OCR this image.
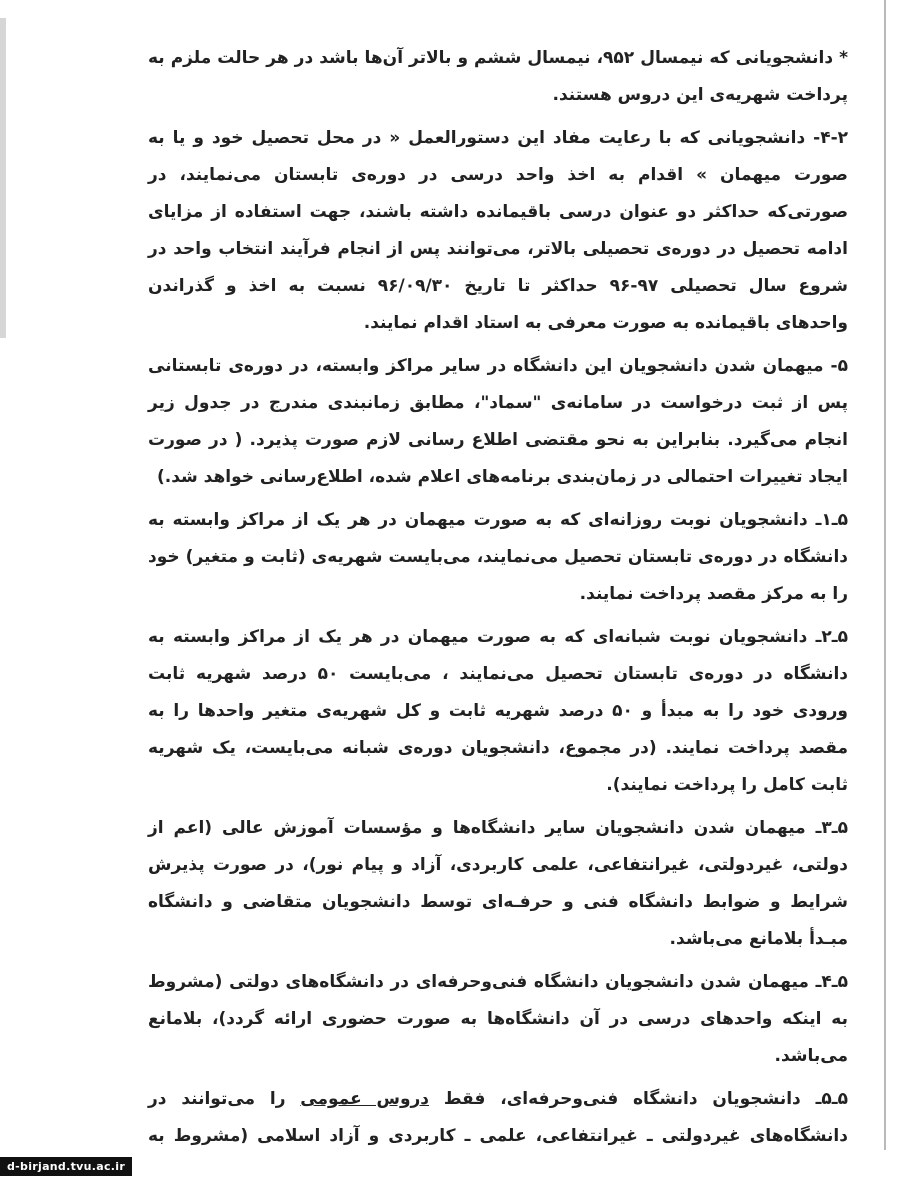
* دانشجویانی که نیمسال ۹۵۲، نیمسال ششم و بالاتر آن‌ها باشد در هر حالت ملزم به پرداخت شهریه‌ی این دروس هستند.

۴-۲- دانشجویانی که با رعایت مفاد این دستورالعمل « در محل تحصیل خود و یا به صورت میهمان » اقدام به اخذ واحد درسی در دوره‌ی تابستان می‌نمایند، در صورتی‌که حداکثر دو عنوان درسی باقیمانده داشته باشند، جهت استفاده از مزایای ادامه تحصیل در دوره‌ی تحصیلی بالاتر، می‌توانند پس از انجام فرآیند انتخاب واحد در شروع سال تحصیلی ۹۷-۹۶ حداکثر تا تاریخ ۹۶/۰۹/۳۰ نسبت به اخذ و گذراندن واحدهای باقیمانده به صورت معرفی به استاد اقدام نمایند.

۵- میهمان شدن دانشجویان این دانشگاه در سایر مراکز وابسته، در دوره‌ی تابستانی پس از ثبت درخواست در سامانه‌ی "سماد"، مطابق زمانبندی مندرج در جدول زیر انجام می‌گیرد. بنابراین به نحو مقتضی اطلاع رسانی لازم صورت پذیرد. ( در صورت ایجاد تغییرات احتمالی در زمان‌بندی برنامه‌های اعلام شده، اطلاع‌رسانی خواهد شد.)

۵ـ۱ـ دانشجویان نوبت روزانه‌ای که به صورت میهمان در هر یک از مراکز وابسته به دانشگاه در دوره‌ی تابستان تحصیل می‌نمایند، می‌بایست شهریه‌ی (ثابت و متغیر) خود را به مرکز مقصد پرداخت نمایند.

۵ـ۲ـ دانشجویان نوبت شبانه‌ای که به صورت میهمان در هر یک از مراکز وابسته به دانشگاه در دوره‌ی تابستان تحصیل می‌نمایند ، می‌بایست ۵۰ درصد شهریه ثابت ورودی خود را به مبدأ و ۵۰ درصد شهریه ثابت و کل شهریه‌ی متغیر واحدها را به مقصد پرداخت نمایند. (در مجموع، دانشجویان دوره‌ی شبانه می‌بایست، یک شهریه ثابت کامل را پرداخت نمایند).

۵ـ۳ـ میهمان شدن دانشجویان سایر دانشگاه‌ها و مؤسسات آموزش عالی (اعم از دولتی، غیردولتی، غیرانتفاعی، علمی کاربردی، آزاد و پیام نور)، در صورت پذیرش شرایط و ضوابط دانشگاه فنی و حرفـه‌ای توسط دانشجویان متقاضی و دانشگاه مبـدأ بلامانع می‌باشد.

۵ـ۴ـ میهمان شدن دانشجویان دانشگاه فنی‌وحرفه‌ای در دانشگاه‌های دولتی (مشروط به اینکه واحدهای درسی در آن دانشگاه‌ها به صورت حضوری ارائه گردد)، بلامانع می‌باشد.

۵ـ۵ـ دانشجویان دانشگاه فنی‌وحرفه‌ای، فقط دروس عمومی را می‌توانند در دانشگاه‌های غیردولتی ـ غیرانتفاعی، علمی ـ کاربردی و آزاد اسلامی (مشروط به

d-birjand.tvu.ac.ir
